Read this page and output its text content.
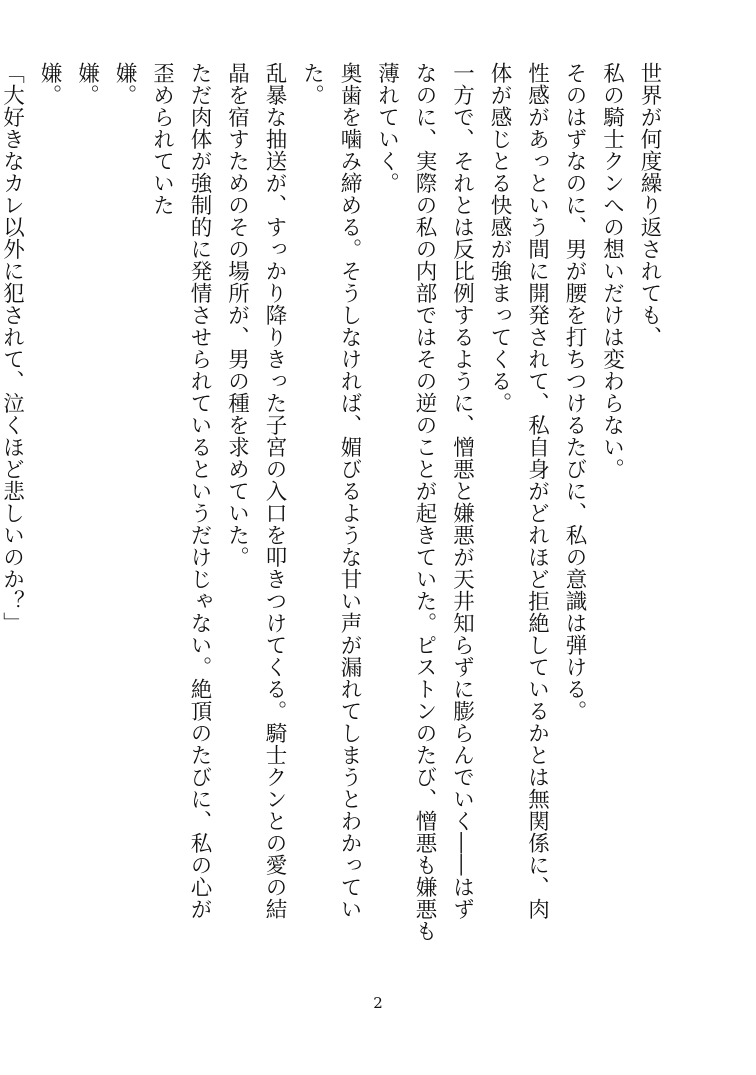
世界が何度繰り返されても、

私の騎士クンへの想いだけは変わらない。

そのはずなのに、男が腰を打ちつけるたびに、私の意識は弾ける。

性感があっという間に開発されて、私自身がどれほど拒絶しているかとは無関係に、肉

体が感じとる快感が強まってくる。

一方で、それとは反比例するように、憎悪と嫌悪が天井知らずに膨らんでいく――はず

なのに、実際の私の内部ではその逆のことが起きていた。ピストンのたび、憎悪も嫌悪も

薄れていく。

奥歯を噛み締める。そうしなければ、媚びるような甘い声が漏れてしまうとわかってい

た。

乱暴な抽送が、すっかり降りきった子宮の入口を叩きつけてくる。騎士クンとの愛の結

晶を宿すためのその場所が、男の種を求めていた。

ただ肉体が強制的に発情させられているというだけじゃない。絶頂のたびに、私の心が

歪められていた

嫌。

嫌。

嫌。

「大好きなカレ以外に犯されて、泣くほど悲しいのか？」

2
